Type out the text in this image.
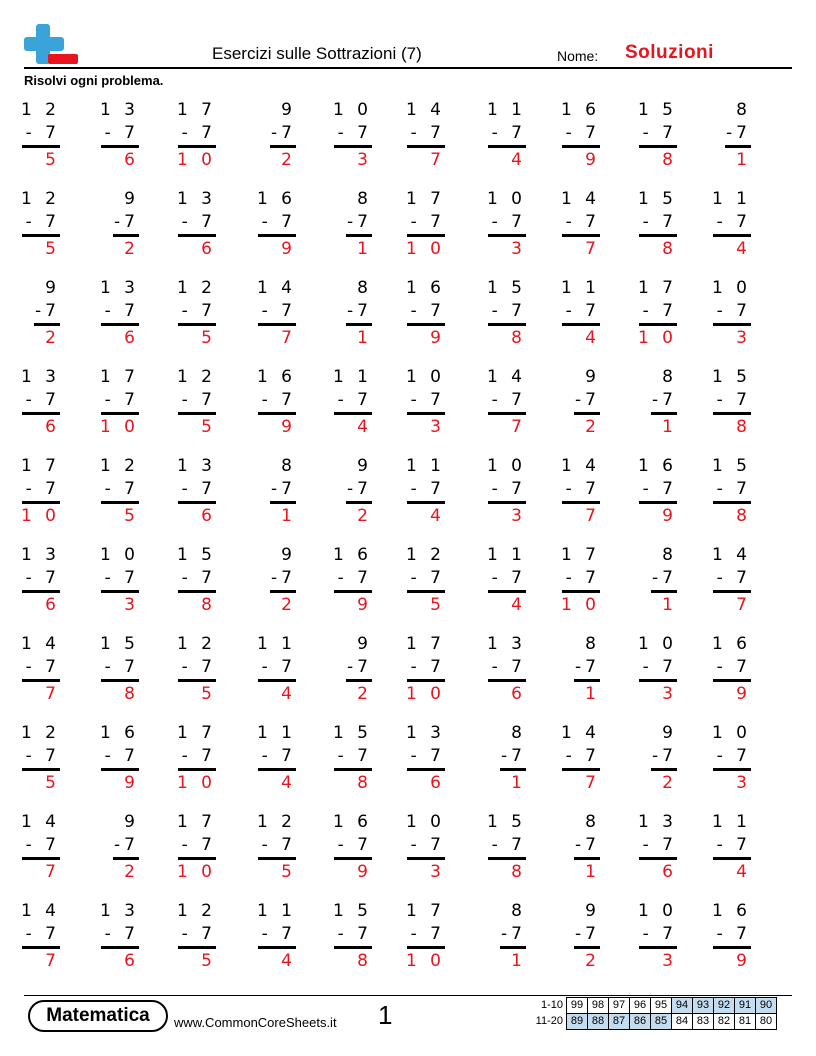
Esercizi sulle Sottrazioni (7)	Nome: Soluzioni
Risolvi ogni problema.
1 2
- 7
5
1 3
- 7
6
1 7
- 7
1 0
9
-7
2
1 0
- 7
3
1 4
- 7
7
1 1
- 7
4
1 6
- 7
9
1 5
- 7
8
8
-7
1
1 2
- 7
5
9
-7
2
1 3
- 7
6
1 6
- 7
9
8
-7
1
1 7
- 7
1 0
1 0
- 7
3
1 4
- 7
7
1 5
- 7
8
1 1
- 7
4
9
-7
2
1 3
- 7
6
1 2
- 7
5
1 4
- 7
7
8
-7
1
1 6
- 7
9
1 5
- 7
8
1 1
- 7
4
1 7
- 7
1 0
1 0
- 7
3
1 3
- 7
6
1 7
- 7
1 0
1 2
- 7
5
1 6
- 7
9
1 1
- 7
4
1 0
- 7
3
1 4
- 7
7
9
-7
2
8
-7
1
1 5
- 7
8
1 7
- 7
1 0
1 2
- 7
5
1 3
- 7
6
8
-7
1
9
-7
2
1 1
- 7
4
1 0
- 7
3
1 4
- 7
7
1 6
- 7
9
1 5
- 7
8
1 3
- 7
6
1 0
- 7
3
1 5
- 7
8
9
-7
2
1 6
- 7
9
1 2
- 7
5
1 1
- 7
4
1 7
- 7
1 0
8
-7
1
1 4
- 7
7
1 4
- 7
7
1 5
- 7
8
1 2
- 7
5
1 1
- 7
4
9
-7
2
1 7
- 7
1 0
1 3
- 7
6
8
-7
1
1 0
- 7
3
1 6
- 7
9
1 2
- 7
5
1 6
- 7
9
1 7
- 7
1 0
1 1
- 7
4
1 5
- 7
8
1 3
- 7
6
8
-7
1
1 4
- 7
7
9
-7
2
1 0
- 7
3
1 4
- 7
7
9
-7
2
1 7
- 7
1 0
1 2
- 7
5
1 6
- 7
9
1 0
- 7
3
1 5
- 7
8
8
-7
1
1 3
- 7
6
1 1
- 7
4
1 4
- 7
7
1 3
- 7
6
1 2
- 7
5
1 1
- 7
4
1 5
- 7
8
1 7
- 7
1 0
8
-7
1
9
-7
2
1 0
- 7
3
1 6
- 7
9
Matematica	www.CommonCoreSheets.it 1	1-10	99	98	97	96	95	94	93	92	91	90
11-20	89	88	87	86	85	84	83	82	81	80
